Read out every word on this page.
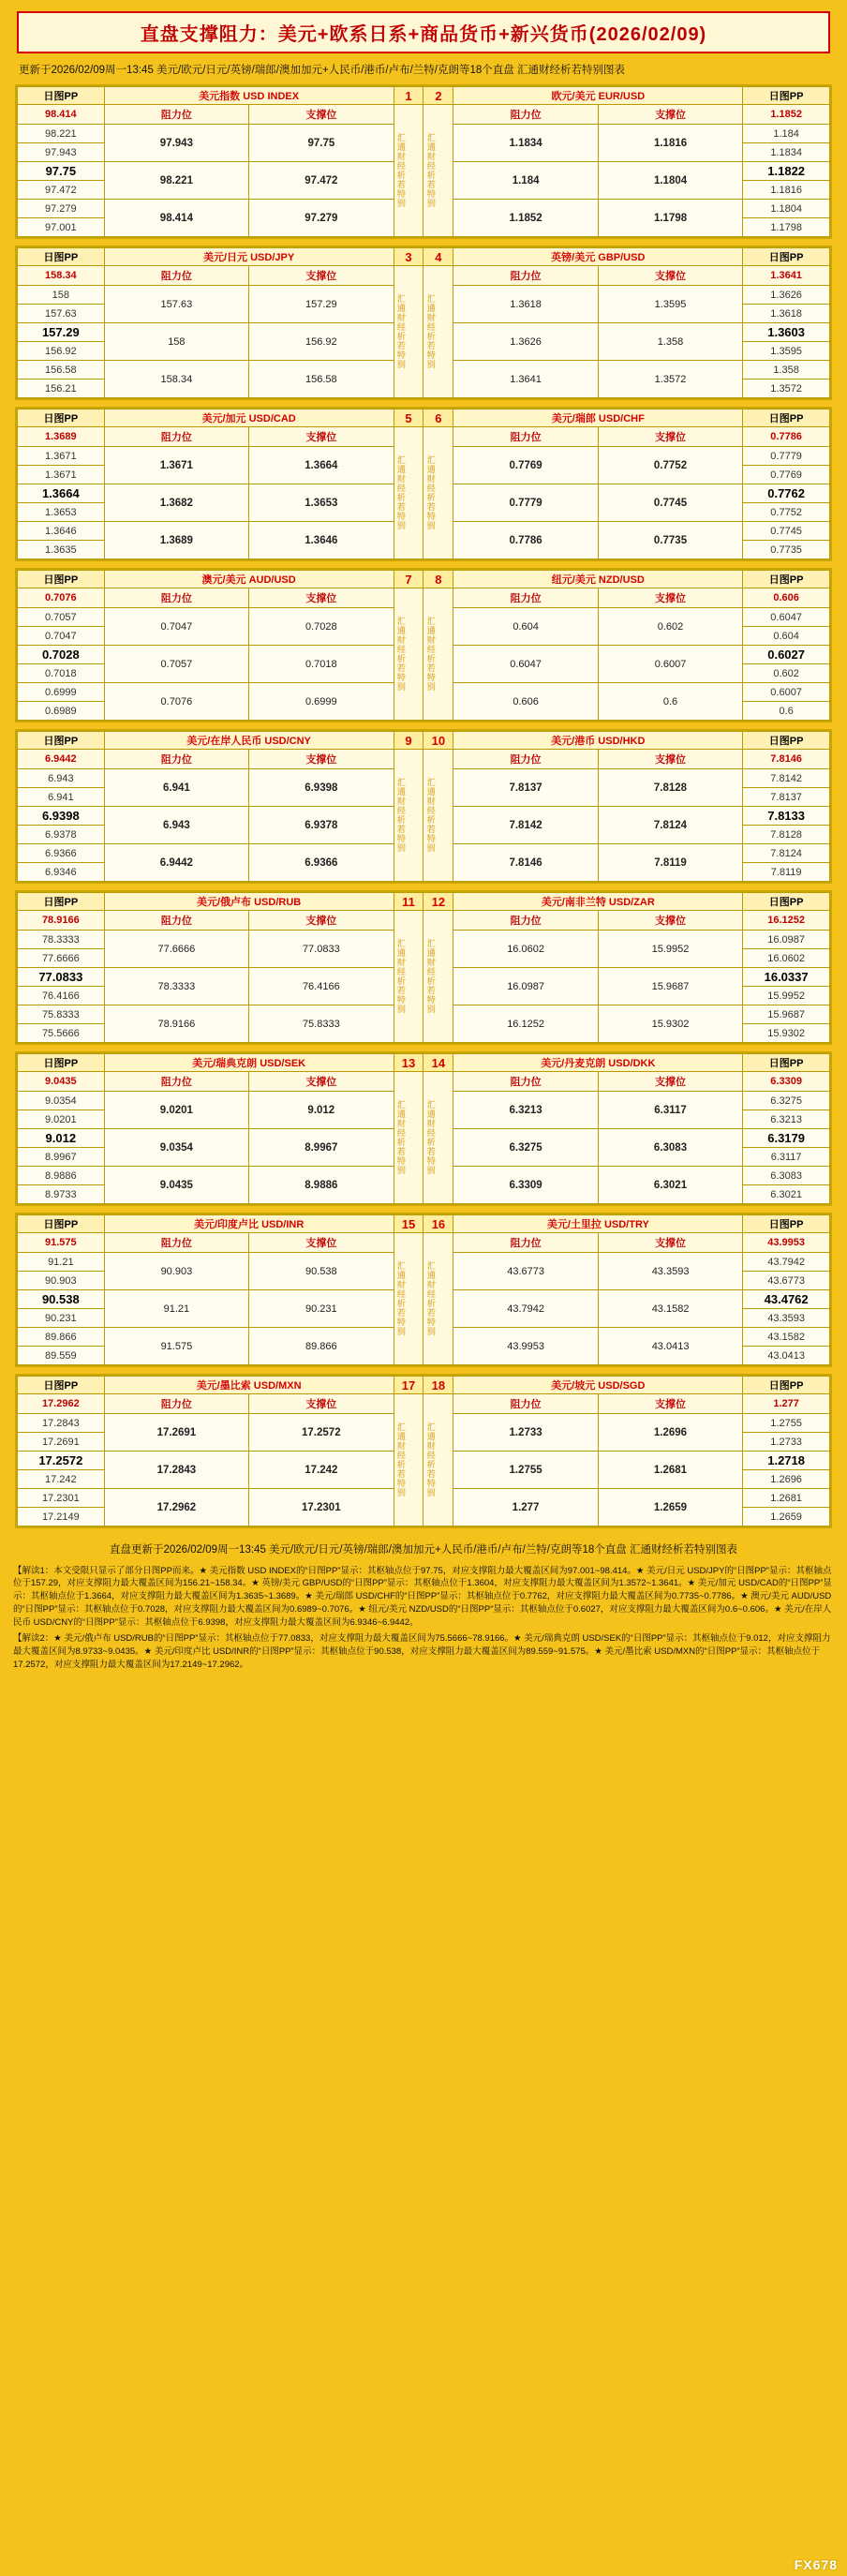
直盘支撑阻力：美元+欧系日系+商品货币+新兴货币(2026/02/09)
更新于2026/02/09周一13:45 美元/欧元/日元/英镑/瑞郎/澳加加元+人民币/港币/卢布/兰特/克朗等18个直盘 汇通财经析若特别图表
日图PP	美元指数 USD INDEX		1	2	欧元/美元 EUR/USD		日图PP
98.414	阻力位	支撑位	汇通财经析若特别	汇通财经析若特别	阻力位	支撑位	1.1852
98.221	97.943	97.75			1.1834	1.1816	1.184
97.943							1.1834
97.75	98.221	97.472			1.184	1.1804	1.1822
97.472							1.1816
97.279	98.414	97.279			1.1852	1.1798	1.1804
97.001							1.1798
日图PP	美元/日元 USD/JPY		3	4	英镑/美元 GBP/USD		日图PP
158.34	阻力位	支撑位	汇通财经析若特别	汇通财经析若特别	阻力位	支撑位	1.3641
158	157.63	157.29			1.3618	1.3595	1.3626
157.63							1.3618
157.29	158	156.92			1.3626	1.358	1.3603
156.92							1.3595
156.58	158.34	156.58			1.3641	1.3572	1.358
156.21							1.3572
日图PP	美元/加元 USD/CAD		5	6	美元/瑞郎 USD/CHF		日图PP
1.3689	阻力位	支撑位	汇通财经析若特别	汇通财经析若特别	阻力位	支撑位	0.7786
1.3671	1.3671	1.3664			0.7769	0.7752	0.7779
1.3671							0.7769
1.3664	1.3682	1.3653			0.7779	0.7745	0.7762
1.3653							0.7752
1.3646	1.3689	1.3646			0.7786	0.7735	0.7745
1.3635							0.7735
日图PP	澳元/美元 AUD/USD		7	8	纽元/美元 NZD/USD		日图PP
0.7076	阻力位	支撑位	汇通财经析若特别	汇通财经析若特别	阻力位	支撑位	0.606
0.7057	0.7047	0.7028			0.604	0.602	0.6047
0.7047							0.604
0.7028	0.7057	0.7018			0.6047	0.6007	0.6027
0.7018							0.602
0.6999	0.7076	0.6999			0.606	0.6	0.6007
0.6989							0.6
日图PP	美元/在岸人民币 USD/CNY		9	10	美元/港币 USD/HKD		日图PP
6.9442	阻力位	支撑位	汇通财经析若特别	汇通财经析若特别	阻力位	支撑位	7.8146
6.943	6.941	6.9398			7.8137	7.8128	7.8142
6.941							7.8137
6.9398	6.943	6.9378			7.8142	7.8124	7.8133
6.9378							7.8128
6.9366	6.9442	6.9366			7.8146	7.8119	7.8124
6.9346							7.8119
日图PP	美元/俄卢布 USD/RUB		11	12	美元/南非兰特 USD/ZAR		日图PP
78.9166	阻力位	支撑位	汇通财经析若特别	汇通财经析若特别	阻力位	支撑位	16.1252
78.3333	77.6666	77.0833			16.0602	15.9952	16.0987
77.6666							16.0602
77.0833	78.3333	76.4166			16.0987	15.9687	16.0337
76.4166							15.9952
75.8333	78.9166	75.8333			16.1252	15.9302	15.9687
75.5666							15.9302
日图PP	美元/瑞典克朗 USD/SEK		13	14	美元/丹麦克朗 USD/DKK		日图PP
9.0435	阻力位	支撑位	汇通财经析若特别	汇通财经析若特别	阻力位	支撑位	6.3309
9.0354	9.0201	9.012			6.3213	6.3117	6.3275
9.0201							6.3213
9.012	9.0354	8.9967			6.3275	6.3083	6.3179
8.9967							6.3117
8.9886	9.0435	8.9886			6.3309	6.3021	6.3083
8.9733							6.3021
日图PP	美元/印度卢比 USD/INR		15	16	美元/土里拉 USD/TRY		日图PP
91.575	阻力位	支撑位	汇通财经析若特别	汇通财经析若特别	阻力位	支撑位	43.9953
91.21	90.903	90.538			43.6773	43.3593	43.7942
90.903							43.6773
90.538	91.21	90.231			43.7942	43.1582	43.4762
90.231							43.3593
89.866	91.575	89.866			43.9953	43.0413	43.1582
89.559							43.0413
日图PP	美元/墨比索 USD/MXN		17	18	美元/坡元 USD/SGD		日图PP
17.2962	阻力位	支撑位	汇通财经析若特别	汇通财经析若特别	阻力位	支撑位	1.277
17.2843	17.2691	17.2572			1.2733	1.2696	1.2755
17.2691							1.2733
17.2572	17.2843	17.242			1.2755	1.2681	1.2718
17.242							1.2696
17.2301	17.2962	17.2301			1.277	1.2659	1.2681
17.2149							1.2659
直盘更新于2026/02/09周一13:45 美元/欧元/日元/英镑/瑞郎/澳加加元+人民币/港币/卢布/兰特/克朗等18个直盘 汇通财经析若特别图表
【解读1：本文受限只显示了部分日图PP而来。★ 美元指数 USD INDEX的“日图PP”显示：其枢轴点位于97.75，对应支撑阻力最大覆盖区间为97.001~98.414。★ 美元/日元 USD/JPY的“日图PP”显示：其枢轴点位于157.29，对应支撑阻力最大覆盖区间为156.21~158.34。★ 英镑/美元 GBP/USD的“日图PP”显示：其枢轴点位于1.3604，对应支撑阻力最大覆盖区间为1.3572~1.3641。★ 美元/加元 USD/CAD的“日图PP”显示：其枢轴点位于1.3664，对应支撑阻力最大覆盖区间为1.3635~1.3689。★ 美元/瑞郎 USD/CHF的“日图PP”显示：其枢轴点位于0.7762，对应支撑阻力最大覆盖区间为0.7735~0.7786。★ 澳元/美元 AUD/USD的“日图PP”显示：其枢轴点位于0.7028，对应支撑阻力最大覆盖区间为0.6989~0.7076。★ 纽元/美元 NZD/USD的“日图PP”显示：其枢轴点位于0.6027，对应支撑阻力最大覆盖区间为0.6~0.606。★ 美元/在岸人民币 USD/CNY的“日图PP”显示：其枢轴点位于6.9398，对应支撑阻力最大覆盖区间为6.9346~6.9442。
【解读2：★ 美元/俄卢布 USD/RUB的“日图PP”显示：其枢轴点位于77.0833，对应支撑阻力最大覆盖区间为75.5666~78.9166。★ 美元/瑞典克朗 USD/SEK的“日图PP”显示：其枢轴点位于9.012，对应支撑阻力最大覆盖区间为8.9733~9.0435。★ 美元/印度卢比 USD/INR的“日图PP”显示：其枢轴点位于90.538，对应支撑阻力最大覆盖区间为89.559~91.575。★ 美元/墨比索 USD/MXN的“日图PP”显示：其枢轴点位于17.2572，对应支撑阻力最大覆盖区间为17.2149~17.2962。
FX678
